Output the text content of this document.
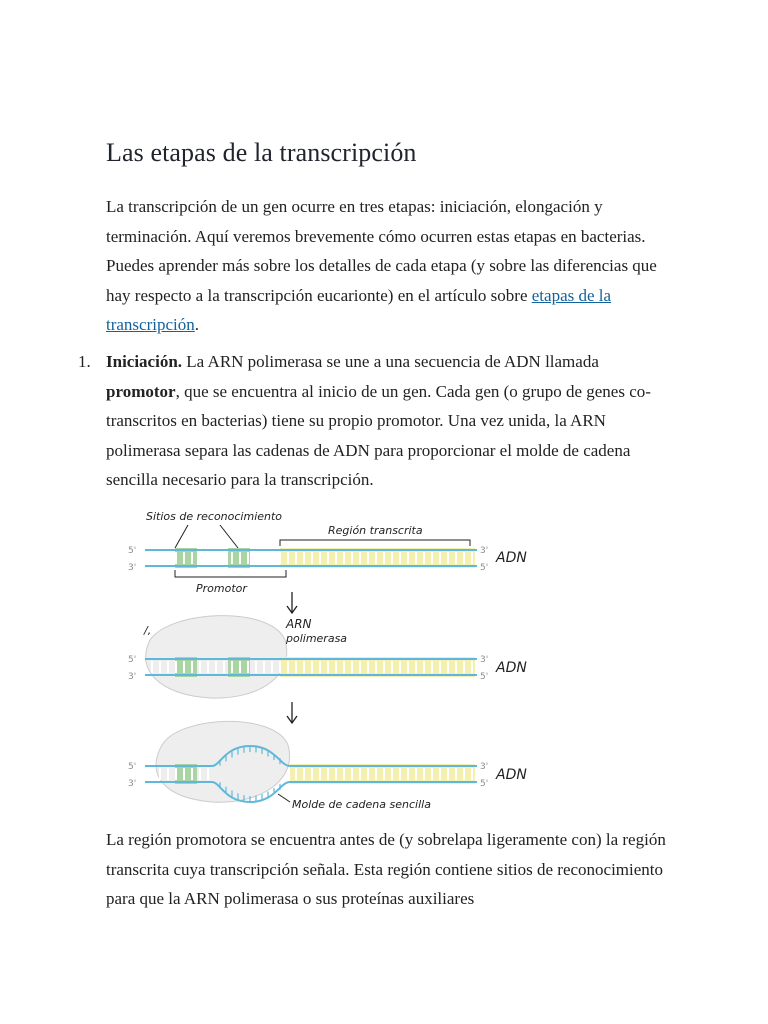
Las etapas de la transcripción

La transcripción de un gen ocurre en tres etapas: iniciación, elongación y terminación. Aquí veremos brevemente cómo ocurren estas etapas en bacterias. Puedes aprender más sobre los detalles de cada etapa (y sobre las diferencias que hay respecto a la transcripción eucarionte) en el artículo sobre etapas de la transcripción.

1. Iniciación. La ARN polimerasa se une a una secuencia de ADN llamada promotor, que se encuentra al inicio de un gen. Cada gen (o grupo de genes co-transcritos en bacterias) tiene su propio promotor. Una vez unida, la ARN polimerasa separa las cadenas de ADN para proporcionar el molde de cadena sencilla necesario para la transcripción.
Sitios de reconocimiento
Región transcrita
5'
3'
3'
5'
ADN
Promotor
/,	ARN
polimerasa
5'
3'
3'
5'
ADN
5'
3'
3'
5'
ADN
Molde de cadena sencilla

La región promotora se encuentra antes de (y sobrelapa ligeramente con) la región transcrita cuya transcripción señala. Esta región contiene sitios de reconocimiento para que la ARN polimerasa o sus proteínas auxiliares
